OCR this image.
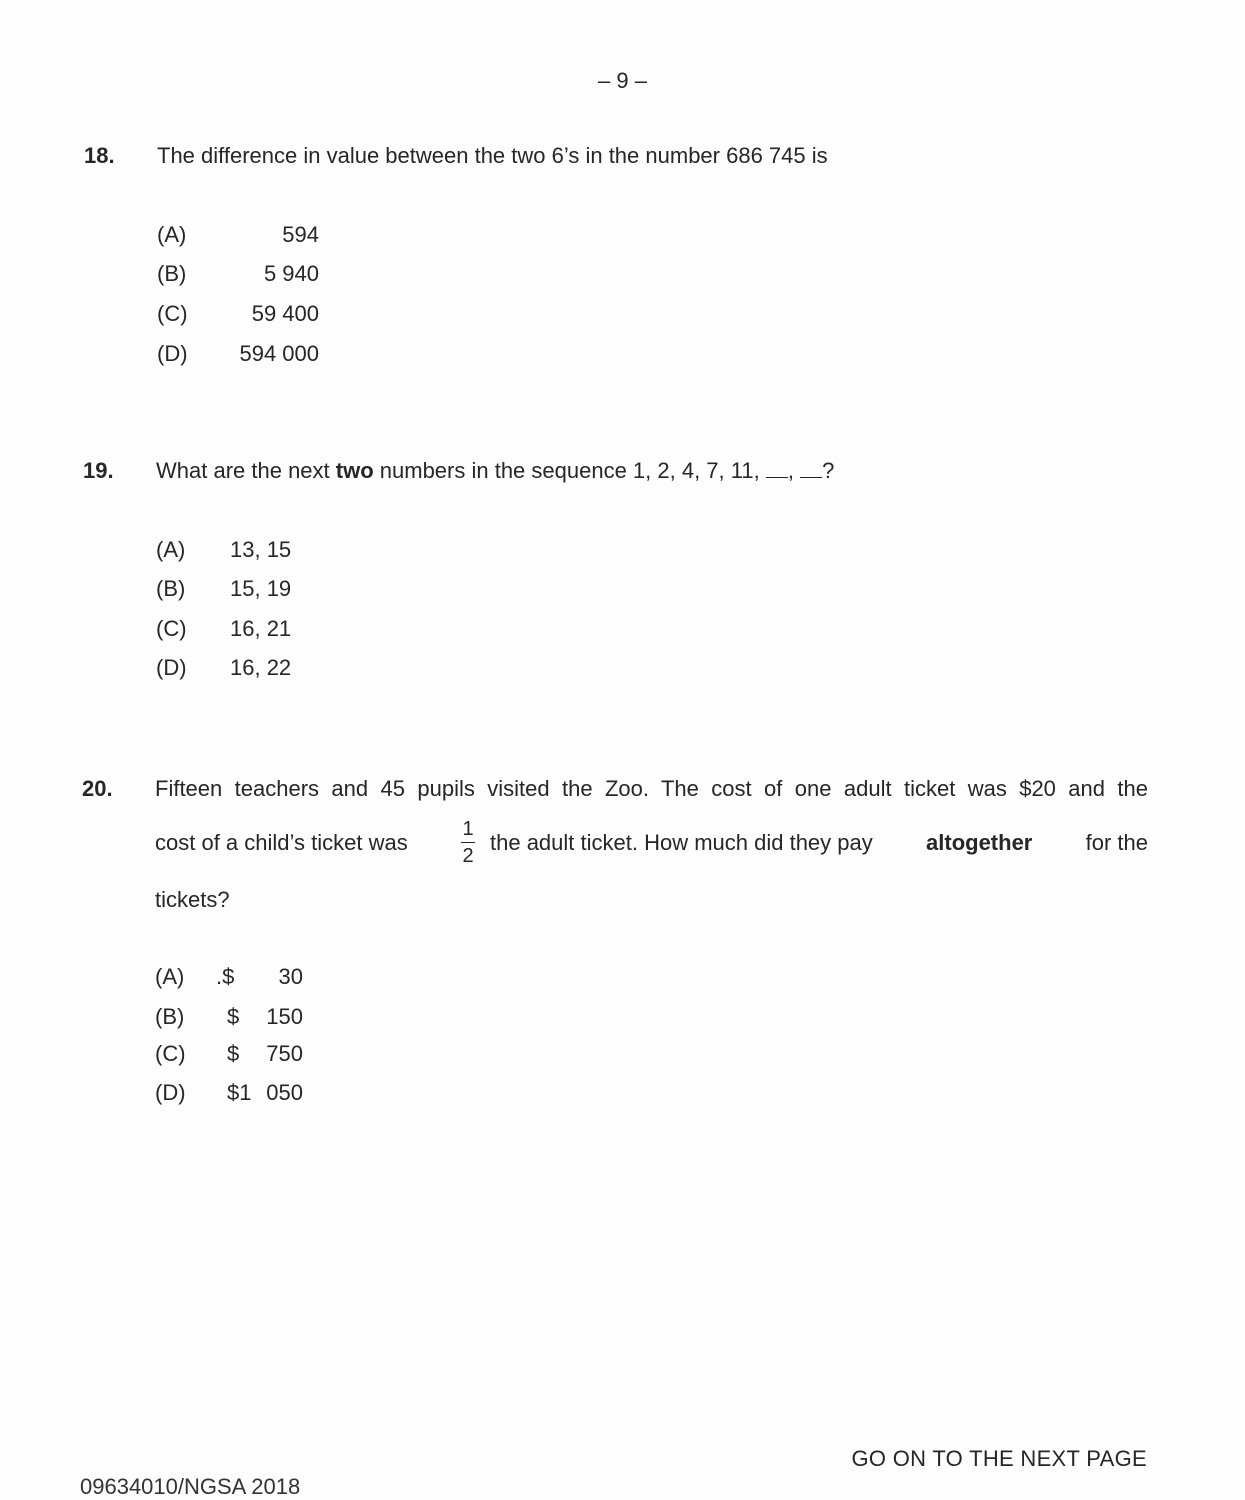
– 9 –
18. The difference in value between the two 6’s in the number 686 745 is
(A)	594
(B)	5 940
(C)	59 400
(D) 594 000
19. What are the next two numbers in the sequence 1, 2, 4, 7, 11, , ?
(A) 13, 15
(B) 15, 19
(C) 16, 21
(D) 16, 22
20. Fifteen teachers and 45 pupils visited the Zoo. The cost of one adult ticket was $20 and the
cost of a child’s ticket was
1
2
the adult ticket. How much did they pay altogether for the
tickets?
(A) .$ 30
(B) $ 150
(C) $ 750
(D) $1 050
GO ON TO THE NEXT PAGE
09634010/NGSA 2018
